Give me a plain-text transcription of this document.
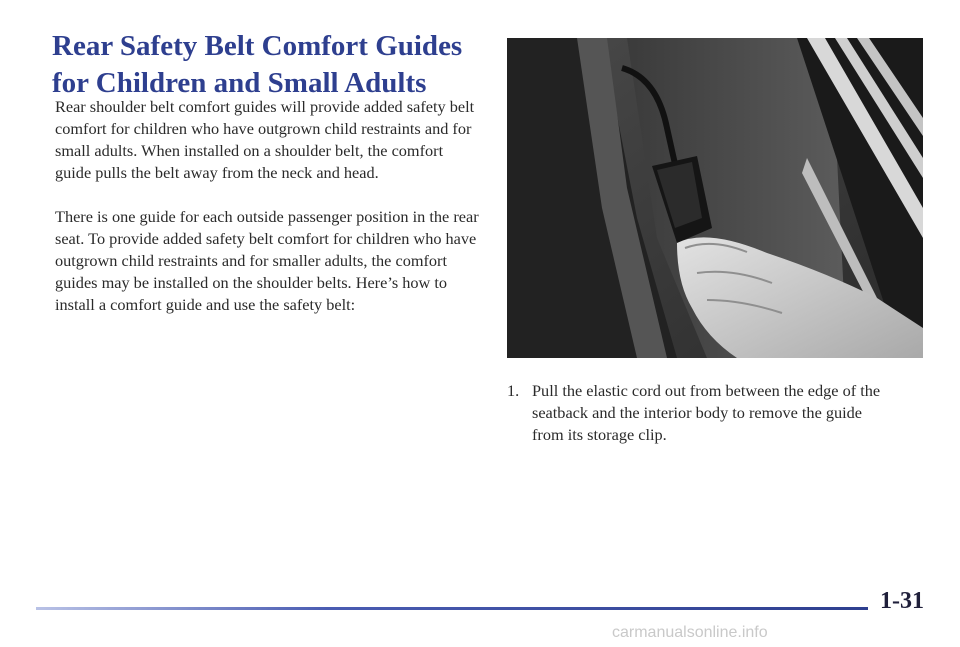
Rear Safety Belt Comfort Guides for Children and Small Adults

Rear shoulder belt comfort guides will provide added safety belt comfort for children who have outgrown child restraints and for small adults. When installed on a shoulder belt, the comfort guide pulls the belt away from the neck and head.

There is one guide for each outside passenger position in the rear seat. To provide added safety belt comfort for children who have outgrown child restraints and for smaller adults, the comfort guides may be installed on the shoulder belts. Here’s how to install a comfort guide and use the safety belt:

1. Pull the elastic cord out from between the edge of the seatback and the interior body to remove the guide from its storage clip.
1-31
carmanualsonline.info
